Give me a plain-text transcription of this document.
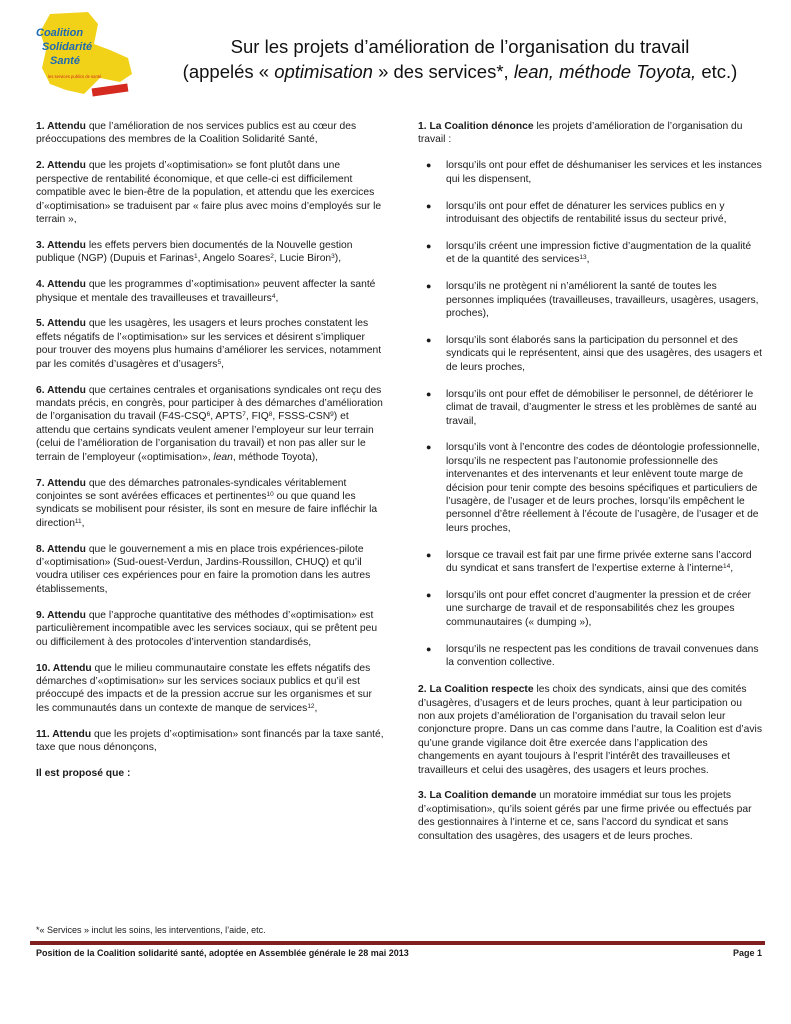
Coalition
Solidarité
Santé
les services publics de santé
Sur les projets d’amélioration de l’organisation du travail
(appelés « optimisation » des services*, lean, méthode Toyota, etc.)

1. Attendu que l’amélioration de nos services publics est au cœur des préoccupations des membres de la Coalition Solidarité Santé,

2. Attendu que les projets d’«optimisation» se font plutôt dans une perspective de rentabilité économique, et que celle-ci est difficilement compatible avec le bien-être de la population, et attendu que les exercices d’«optimisation» se traduisent par « faire plus avec moins d’employés sur le terrain »,

3. Attendu les effets pervers bien documentés de la Nouvelle gestion publique (NGP) (Dupuis et Farinas$^1$, Angelo Soares$^2$, Lucie Biron$^3$),

4. Attendu que les programmes d’«optimisation» peuvent affecter la santé physique et mentale des travailleuses et travailleurs$^4$,

5. Attendu que les usagères, les usagers et leurs proches constatent les effets négatifs de l’«optimisation» sur les services et désirent s’impliquer pour trouver des moyens plus humains d’améliorer les services, notamment par les comités d’usagères et d’usagers$^5$,

6. Attendu que certaines centrales et organisations syndicales ont reçu des mandats précis, en congrès, pour participer à des démarches d’amélioration de l’organisation du travail (F4S-CSQ$^6$, APTS$^7$, FIQ$^8$, FSSS-CSN$^9$) et attendu que certains syndicats veulent amener l’employeur sur leur terrain (celui de l’amélioration de l’organisation du travail) et non pas aller sur le terrain de l’employeur («optimisation», lean, méthode Toyota),

7. Attendu que des démarches patronales-syndicales véritablement conjointes se sont avérées efficaces et pertinentes$^{10}$ ou que quand les syndicats se mobilisent pour résister, ils sont en mesure de faire infléchir la direction$^{11}$,

8. Attendu que le gouvernement a mis en place trois expériences-pilote d’«optimisation» (Sud-ouest-Verdun, Jardins-Roussillon, CHUQ) et qu’il voudra utiliser ces expériences pour en faire la promotion dans les autres établissements,

9. Attendu que l’approche quantitative des méthodes d’«optimisation» est particulièrement incompatible avec les services sociaux, qui se prêtent peu ou difficilement à des protocoles d’intervention standardisés,

10. Attendu que le milieu communautaire constate les effets négatifs des démarches d’«optimisation» sur les services sociaux publics et qu’il est préoccupé des impacts et de la pression accrue sur les organismes et sur les communautés dans un contexte de manque de services$^{12}$,

11. Attendu que les projets d’«optimisation» sont financés par la taxe santé, taxe que nous dénonçons,

Il est proposé que :

1. La Coalition dénonce les projets d’amélioration de l’organisation du travail :

● lorsqu’ils ont pour effet de déshumaniser les services et les instances qui les dispensent,
● lorsqu’ils ont pour effet de dénaturer les services publics en y introduisant des objectifs de rentabilité issus du secteur privé,
● lorsqu’ils créent une impression fictive d’augmentation de la qualité et de la quantité des services$^{13}$,
● lorsqu’ils ne protègent ni n’améliorent la santé de toutes les personnes impliquées (travailleuses, travailleurs, usagères, usagers, proches),
● lorsqu’ils sont élaborés sans la participation du personnel et des syndicats qui le représentent, ainsi que des usagères, des usagers et de leurs proches,
● lorsqu’ils ont pour effet de démobiliser le personnel, de détériorer le climat de travail, d’augmenter le stress et les problèmes de santé au travail,
● lorsqu’ils vont à l’encontre des codes de déontologie professionnelle, lorsqu’ils ne respectent pas l’autonomie professionnelle des intervenantes et des intervenants et leur enlèvent toute marge de décision pour tenir compte des besoins spécifiques et particuliers de l’usagère, de l’usager et de leurs proches, lorsqu’ils empêchent le personnel d’être réellement à l’écoute de l’usagère, de l’usager et de leurs proches,
● lorsque ce travail est fait par une firme privée externe sans l’accord du syndicat et sans transfert de l’expertise externe à l’interne$^{14}$,
● lorsqu’ils ont pour effet concret d’augmenter la pression et de créer une surcharge de travail et de responsabilités chez les groupes communautaires (« dumping »),
● lorsqu’ils ne respectent pas les conditions de travail convenues dans la convention collective.

2. La Coalition respecte les choix des syndicats, ainsi que des comités d’usagères, d’usagers et de leurs proches, quant à leur participation ou non aux projets d’amélioration de l’organisation du travail selon leur conjoncture propre. Dans un cas comme dans l’autre, la Coalition est d’avis qu’une grande vigilance doit être exercée dans l’application des changements en ayant toujours à l’esprit l’intérêt des travailleuses et travailleurs et celui des usagères, des usagers et leurs proches.

3. La Coalition demande un moratoire immédiat sur tous les projets d’«optimisation», qu’ils soient gérés par une firme privée ou effectués par des gestionnaires à l’interne et ce, sans l’accord du syndicat et sans consultation des usagères, des usagers et de leurs proches.

*« Services » inclut les soins, les interventions, l’aide, etc.
Position de la Coalition solidarité santé, adoptée en Assemblée générale le 28 mai 2013	Page 1
